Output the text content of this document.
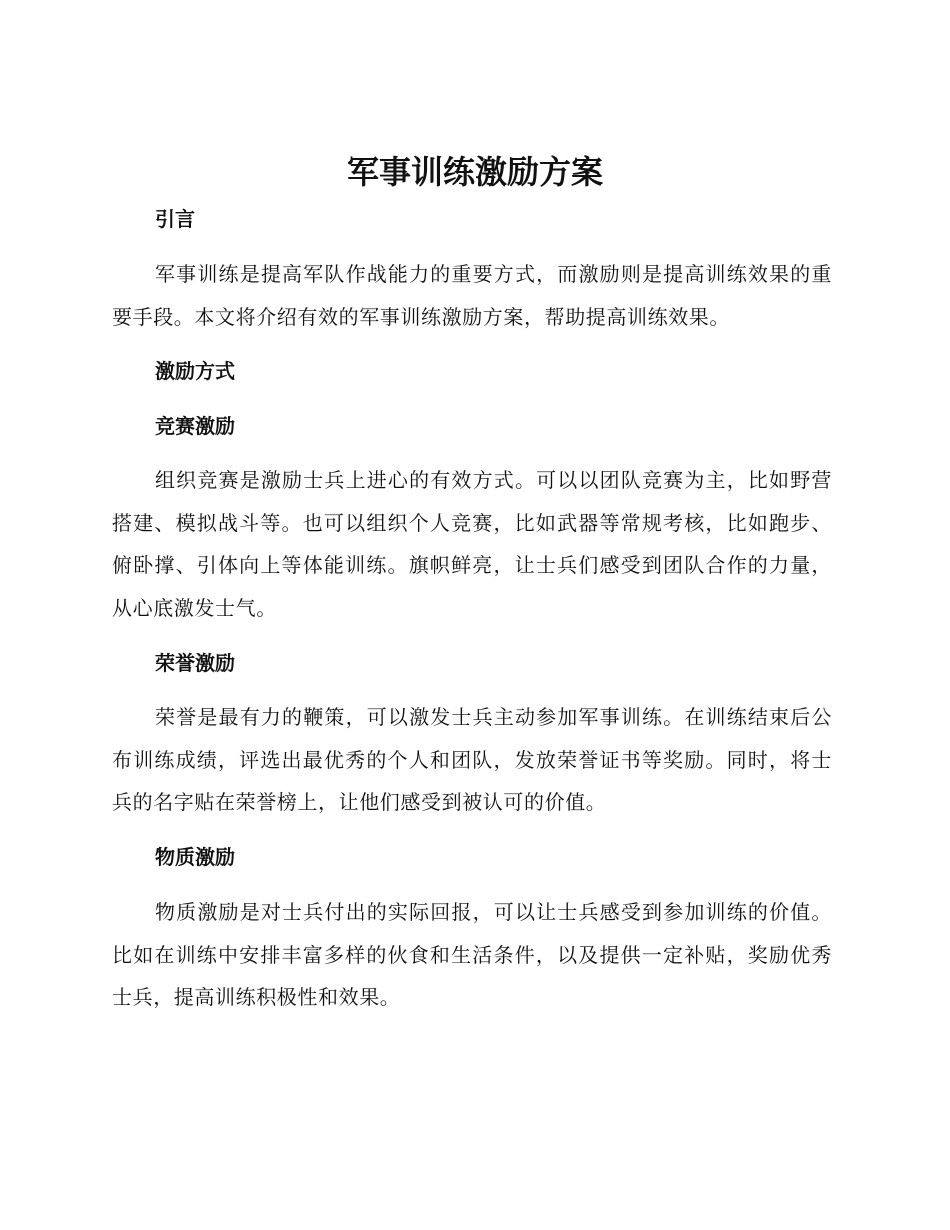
军事训练激励方案
引言

军事训练是提高军队作战能力的重要方式，而激励则是提高训练效果的重要手段。本文将介绍有效的军事训练激励方案，帮助提高训练效果。

激励方式
竞赛激励

组织竞赛是激励士兵上进心的有效方式。可以以团队竞赛为主，比如野营搭建、模拟战斗等。也可以组织个人竞赛，比如武器等常规考核，比如跑步、俯卧撑、引体向上等体能训练。旗帜鲜亮，让士兵们感受到团队合作的力量，从心底激发士气。

荣誉激励

荣誉是最有力的鞭策，可以激发士兵主动参加军事训练。在训练结束后公布训练成绩，评选出最优秀的个人和团队，发放荣誉证书等奖励。同时，将士兵的名字贴在荣誉榜上，让他们感受到被认可的价值。

物质激励

物质激励是对士兵付出的实际回报，可以让士兵感受到参加训练的价值。比如在训练中安排丰富多样的伙食和生活条件，以及提供一定补贴，奖励优秀士兵，提高训练积极性和效果。
